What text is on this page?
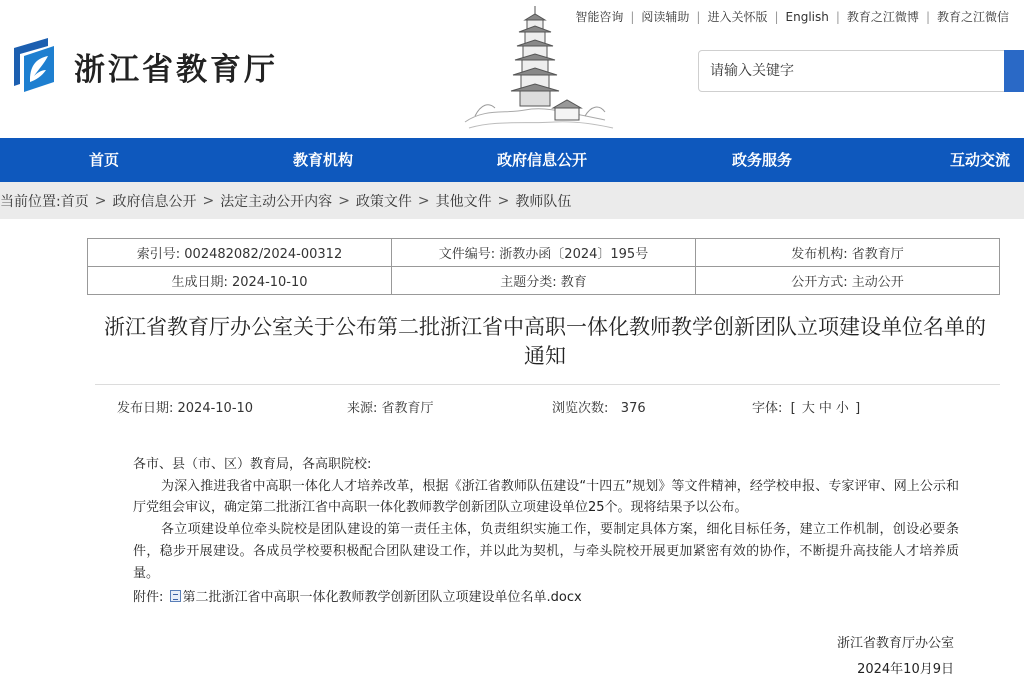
浙江省教育厅
智能咨询 | 阅读辅助 | 进入关怀版 | English | 教育之江微博 | 教育之江微信
请输入关键字
首页	教育机构	政府信息公开	政务服务	互动交流
当前位置: 首页 > 政府信息公开 > 法定主动公开内容 > 政策文件 > 其他文件 > 教师队伍
索引号: 002482082/2024-00312	文件编号: 浙教办函〔2024〕195号	发布机构: 省教育厅
生成日期: 2024-10-10	主题分类: 教育	公开方式: 主动公开
浙江省教育厅办公室关于公布第二批浙江省中高职一体化教师教学创新团队立项建设单位名单的通知
发布日期: 2024-10-10	来源: 省教育厅	浏览次数: 376	字体: [ 大 中 小 ]

各市、县（市、区）教育局，各高职院校:

为深入推进我省中高职一体化人才培养改革，根据《浙江省教师队伍建设“十四五”规划》等文件精神，经学校申报、专家评审、网上公示和厅党组会审议，确定第二批浙江省中高职一体化教师教学创新团队立项建设单位25个。现将结果予以公布。

各立项建设单位牵头院校是团队建设的第一责任主体，负责组织实施工作，要制定具体方案，细化目标任务，建立工作机制，创设必要条件，稳步开展建设。各成员学校要积极配合团队建设工作，并以此为契机，与牵头院校开展更加紧密有效的协作，不断提升高技能人才培养质量。

附件: 第二批浙江省中高职一体化教师教学创新团队立项建设单位名单.docx

浙江省教育厅办公室
2024年10月9日
